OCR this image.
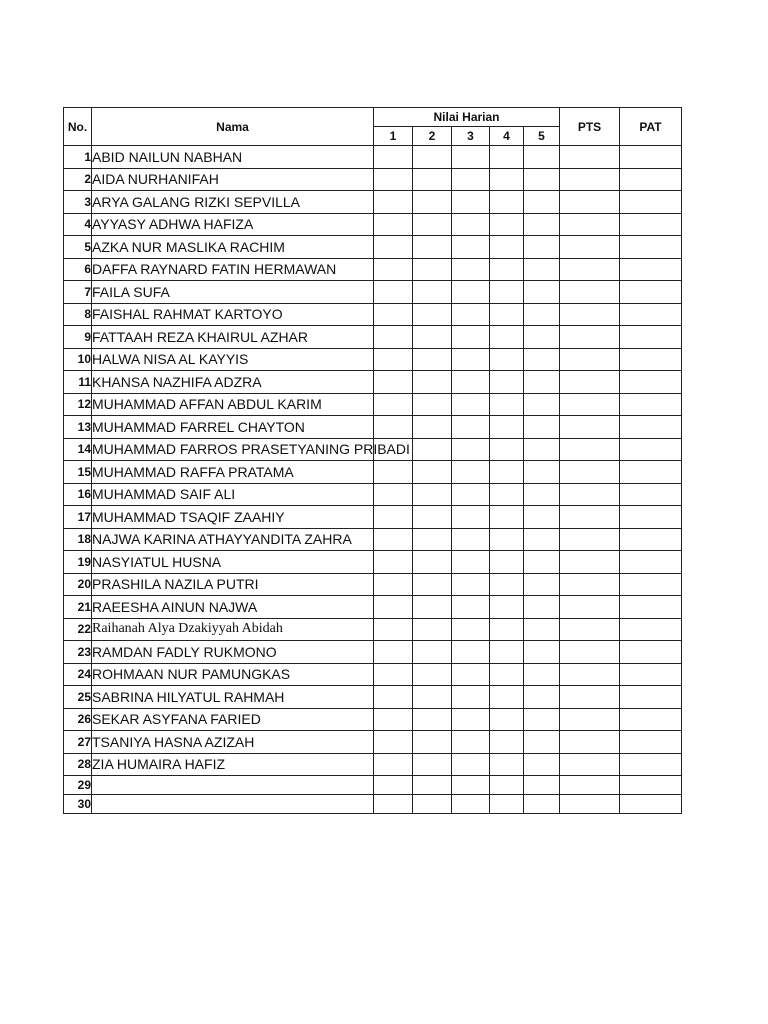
No.	Nama	Nilai Harian					PTS	PAT
		1	2	3	4	5		
1	ABID NAILUN NABHAN							
2	AIDA NURHANIFAH							
3	ARYA GALANG RIZKI SEPVILLA							
4	AYYASY ADHWA HAFIZA							
5	AZKA NUR MASLIKA RACHIM							
6	DAFFA RAYNARD FATIN HERMAWAN							
7	FAILA SUFA							
8	FAISHAL RAHMAT KARTOYO							
9	FATTAAH REZA KHAIRUL AZHAR							
10	HALWA NISA AL KAYYIS							
11	KHANSA NAZHIFA ADZRA							
12	MUHAMMAD AFFAN ABDUL KARIM							
13	MUHAMMAD FARREL CHAYTON							
14	MUHAMMAD FARROS PRASETYANING PRIBADI							
15	MUHAMMAD RAFFA PRATAMA							
16	MUHAMMAD SAIF ALI							
17	MUHAMMAD TSAQIF ZAAHIY							
18	NAJWA KARINA ATHAYYANDITA ZAHRA							
19	NASYIATUL HUSNA							
20	PRASHILA NAZILA PUTRI							
21	RAEESHA AINUN NAJWA							
22	Raihanah Alya Dzakiyyah Abidah							
23	RAMDAN FADLY RUKMONO							
24	ROHMAAN NUR PAMUNGKAS							
25	SABRINA HILYATUL RAHMAH							
26	SEKAR ASYFANA FARIED							
27	TSANIYA HASNA AZIZAH							
28	ZIA HUMAIRA HAFIZ							
29								
30								
